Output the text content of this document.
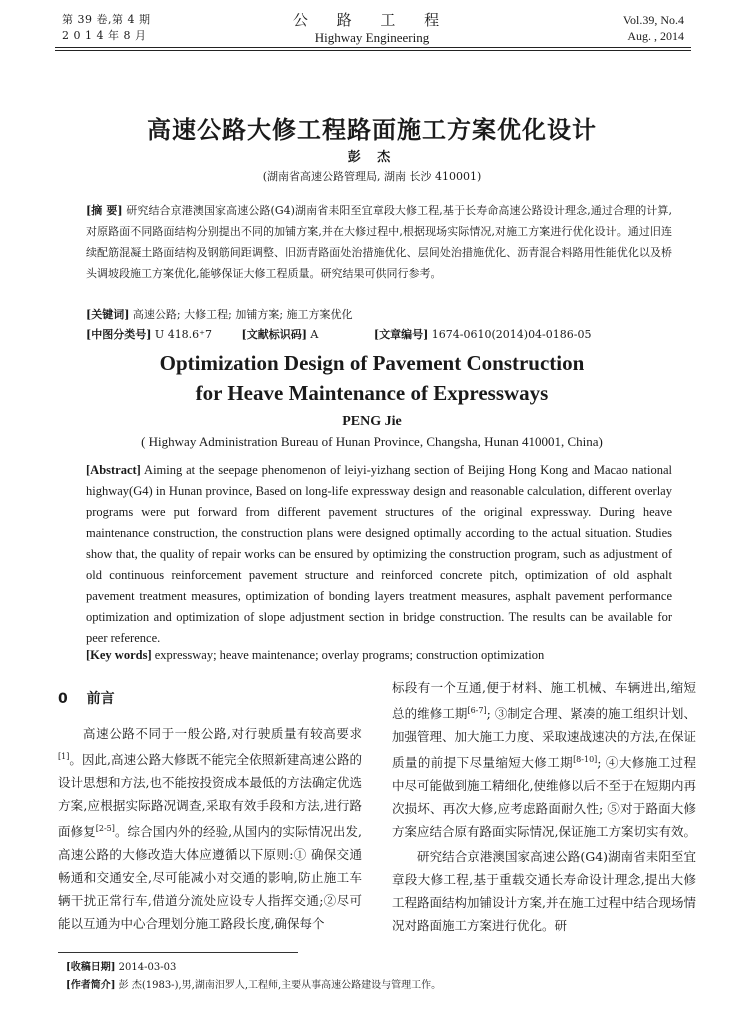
第 39 卷,第 4 期
2 0 1 4 年 8 月
公 路 工 程
Highway Engineering
Vol.39, No.4
Aug. , 2014
高速公路大修工程路面施工方案优化设计
彭 杰
(湖南省高速公路管理局, 湖南 长沙 410001)
[摘 要] 研究结合京港澳国家高速公路(G4)湖南省耒阳至宜章段大修工程,基于长寿命高速公路设计理念,通过合理的计算,对原路面不同路面结构分别提出不同的加铺方案,并在大修过程中,根据现场实际情况,对施工方案进行优化设计。通过旧连续配筋混凝土路面结构及钢筋间距调整、旧沥青路面处治措施优化、层间处治措施优化、沥青混合料路用性能优化以及桥头调坡段施工方案优化,能够保证大修工程质量。研究结果可供同行参考。
[关键词] 高速公路; 大修工程; 加铺方案; 施工方案优化
[中图分类号] U 418.6⁺7	[文献标识码] A	[文章编号] 1674-0610(2014)04-0186-05
Optimization Design of Pavement Construction for Heave Maintenance of Expressways
PENG Jie
( Highway Administration Bureau of Hunan Province, Changsha, Hunan 410001, China)
[Abstract] Aiming at the seepage phenomenon of leiyi-yizhang section of Beijing Hong Kong and Macao national highway(G4) in Hunan province, Based on long-life expressway design and reasonable calculation, different overlay programs were put forward from different pavement structures of the original expressway. During heave maintenance construction, the construction plans were designed optimally according to the actual situation. Studies show that, the quality of repair works can be ensured by optimizing the construction program, such as adjustment of old continuous reinforcement pavement structure and reinforced concrete pitch, optimization of old asphalt pavement treatment measures, optimization of bonding layers treatment measures, asphalt pavement performance optimization and optimization of slope adjustment section in bridge construction. The results can be available for peer reference.
[Key words] expressway; heave maintenance; overlay programs; construction optimization
0 前言

高速公路不同于一般公路,对行驶质量有较高要求[1]。因此,高速公路大修既不能完全依照新建高速公路的设计思想和方法,也不能按投资成本最低的方法确定优选方案,应根据实际路况调查,采取有效手段和方法,进行路面修复[2-5]。综合国内外的经验,从国内的实际情况出发,高速公路的大修改造大体应遵循以下原则:① 确保交通畅通和交通安全,尽可能减小对交通的影响,防止施工车辆干扰正常行车,借道分流处应设专人指挥交通;②尽可能以互通为中心合理划分施工路段长度,确保每个

标段有一个互通,便于材料、施工机械、车辆进出,缩短总的维修工期[6-7]; ③制定合理、紧凑的施工组织计划、加强管理、加大施工力度、采取速战速决的方法,在保证质量的前提下尽量缩短大修工期[8-10]; ④大修施工过程中尽可能做到施工精细化,使维修以后不至于在短期内再次损坏、再次大修,应考虑路面耐久性; ⑤对于路面大修方案应结合原有路面实际情况,保证施工方案切实有效。

研究结合京港澳国家高速公路(G4)湖南省耒阳至宜章段大修工程,基于重载交通长寿命设计理念,提出大修工程路面结构加铺设计方案,并在施工过程中结合现场情况对路面施工方案进行优化。研

[收稿日期] 2014-03-03
[作者简介] 彭 杰(1983-),男,湖南汨罗人,工程师,主要从事高速公路建设与管理工作。
